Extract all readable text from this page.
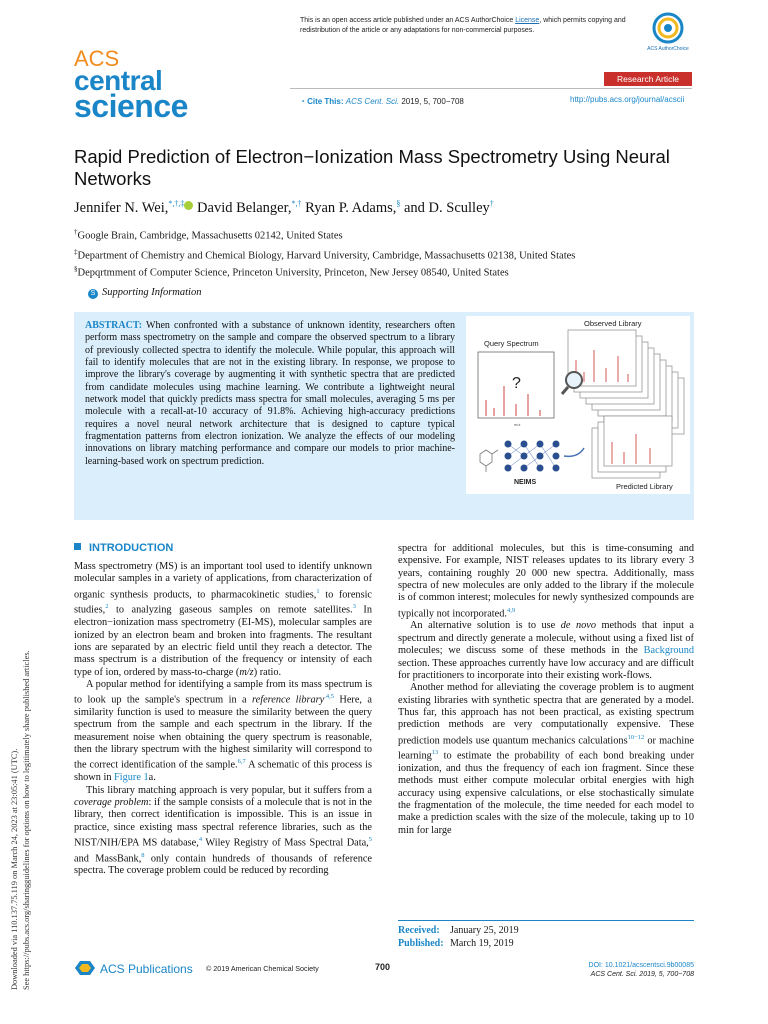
Downloaded via 110.137.75.119 on March 24, 2023 at 23:05:41 (UTC). See https://pubs.acs.org/sharingguidelines for options on how to legitimately share published articles.
This is an open access article published under an ACS AuthorChoice License, which permits copying and redistribution of the article or any adaptations for non-commercial purposes.
ACS AuthorChoice
ACS
central
science
Research Article
◔ Cite This: ACS Cent. Sci. 2019, 5, 700−708	http://pubs.acs.org/journal/acscii
Rapid Prediction of Electron−Ionization Mass Spectrometry Using Neural Networks
Jennifer N. Wei,*,†,‡ David Belanger,*,† Ryan P. Adams,§ and D. Sculley†
†Google Brain, Cambridge, Massachusetts 02142, United States
‡Department of Chemistry and Chemical Biology, Harvard University, Cambridge, Massachusetts 02138, United States
§Depqrtmment of Computer Science, Princeton University, Princeton, New Jersey 08540, United States
S Supporting Information
ABSTRACT: When confronted with a substance of unknown identity, researchers often perform mass spectrometry on the sample and compare the observed spectrum to a library of previously collected spectra to identify the molecule. While popular, this approach will fail to identify molecules that are not in the existing library. In response, we propose to improve the library's coverage by augmenting it with synthetic spectra that are predicted from candidate molecules using machine learning. We contribute a lightweight neural network model that quickly predicts mass spectra for small molecules, averaging 5 ms per molecule with a recall-at-10 accuracy of 91.8%. Achieving high-accuracy predictions requires a novel neural network architecture that is designed to capture typical fragmentation patterns from electron ionization. We analyze the effects of our modeling innovations on library matching performance and compare our models to prior machine-learning-based work on spectrum prediction.
Observed Library
Query Spectrum
?
m/z
NEIMS	Predicted Library
INTRODUCTION

Mass spectrometry (MS) is an important tool used to identify unknown molecular samples in a variety of applications, from characterization of organic synthesis products, to pharmacokinetic studies,$^1$ to forensic studies,$^2$ to analyzing gaseous samples on remote satellites.$^3$ In electron−ionization mass spectrometry (EI-MS), molecular samples are ionized by an electron beam and broken into fragments. The resultant ions are separated by an electric field until they reach a detector. The mass spectrum is a distribution of the frequency or intensity of each type of ion, ordered by mass-to-charge (m/z) ratio.

A popular method for identifying a sample from its mass spectrum is to look up the sample's spectrum in a reference library$^{.4,5}$ Here, a similarity function is used to measure the similarity between the query spectrum from the sample and each spectrum in the library. If the measurement noise when obtaining the query spectrum is reasonable, then the library spectrum with the highest similarity will correspond to the correct identification of the sample.$^{6,7}$ A schematic of this process is shown in Figure 1a.

This library matching approach is very popular, but it suffers from a coverage problem: if the sample consists of a molecule that is not in the library, then correct identification is impossible. This is an issue in practice, since existing mass spectral reference libraries, such as the NIST/NIH/EPA MS database,$^4$ Wiley Registry of Mass Spectral Data,$^5$ and MassBank,$^8$ only contain hundreds of thousands of reference spectra. The coverage problem could be reduced by recording

spectra for additional molecules, but this is time-consuming and expensive. For example, NIST releases updates to its library every 3 years, containing roughly 20 000 new spectra. Additionally, mass spectra of new molecules are only added to the library if the molecule is of common interest; molecules for newly synthesized compounds are typically not incorporated.$^{4,9}$

An alternative solution is to use de novo methods that input a spectrum and directly generate a molecule, without using a fixed list of molecules; we discuss some of these methods in the Background section. These approaches currently have low accuracy and are difficult for practitioners to incorporate into their existing work-flows.

Another method for alleviating the coverage problem is to augment existing libraries with synthetic spectra that are generated by a model. Thus far, this approach has not been practical, as existing spectrum prediction methods are very computationally expensive. These prediction models use quantum mechanics calculations$^{10-12}$ or machine learning$^{13}$ to estimate the probability of each bond breaking under ionization, and thus the frequency of each ion fragment. Since these methods must either compute molecular orbital energies with high accuracy using expensive calculations, or else stochastically simulate the fragmentation of the molecule, the time needed for each model to make a prediction scales with the size of the molecule, taking up to 10 min for large

Received: January 25, 2019
Published: March 19, 2019
ACS Publications © 2019 American Chemical Society	700	DOI: 10.1021/acscentsci.9b00085
ACS Cent. Sci. 2019, 5, 700−708
